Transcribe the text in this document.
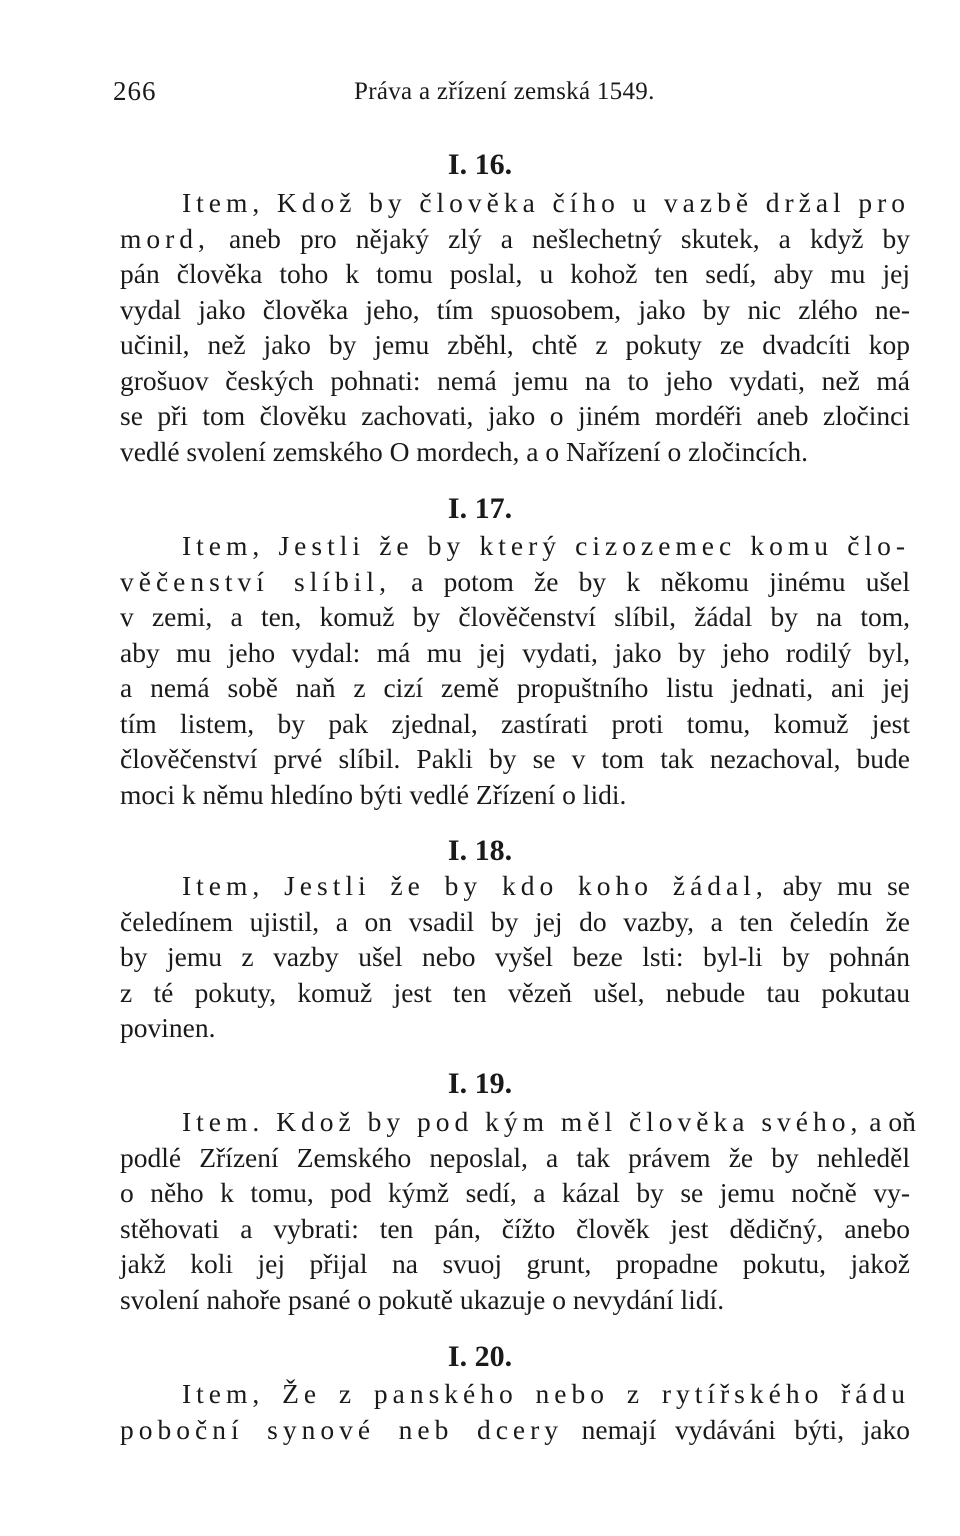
266	Práva a zřízení zemská 1549.
I. 16.
Item, Kdož by člověka čího u vazbě držal pro
mord, aneb pro nějaký zlý a nešlechetný skutek, a když by
pán člověka toho k tomu poslal, u kohož ten sedí, aby mu jej
vydal jako člověka jeho, tím spuosobem, jako by nic zlého ne-
učinil, než jako by jemu zběhl, chtě z pokuty ze dvadcíti kop
grošuov českých pohnati: nemá jemu na to jeho vydati, než má
se při tom člověku zachovati, jako o jiném mordéři aneb zločinci
vedlé svolení zemského O mordech, a o Nařízení o zločincích.
I. 17.
Item, Jestli že by který cizozemec komu člo-
věčenství slíbil, a potom že by k někomu jinému ušel
v zemi, a ten, komuž by člověčenství slíbil, žádal by na tom,
aby mu jeho vydal: má mu jej vydati, jako by jeho rodilý byl,
a nemá sobě naň z cizí země propuštního listu jednati, ani jej
tím listem, by pak zjednal, zastírati proti tomu, komuž jest
člověčenství prvé slíbil. Pakli by se v tom tak nezachoval, bude
moci k němu hledíno býti vedlé Zřízení o lidi.
I. 18.
Item, Jestli že by kdo koho žádal, aby mu se
čeledínem ujistil, a on vsadil by jej do vazby, a ten čeledín že
by jemu z vazby ušel nebo vyšel beze lsti: byl-li by pohnán
z té pokuty, komuž jest ten vězeň ušel, nebude tau pokutau
povinen.
I. 19.
Item. Kdož by pod kým měl člověka svého, a oň
podlé Zřízení Zemského neposlal, a tak právem že by nehleděl
o něho k tomu, pod kýmž sedí, a kázal by se jemu nočně vy-
stěhovati a vybrati: ten pán, čížto člověk jest dědičný, anebo
jakž koli jej přijal na svuoj grunt, propadne pokutu, jakož
svolení nahoře psané o pokutě ukazuje o nevydání lidí.
I. 20.
Item, Že z panského nebo z rytířského řádu
poboční synové neb dcery nemají vydáváni býti, jako
